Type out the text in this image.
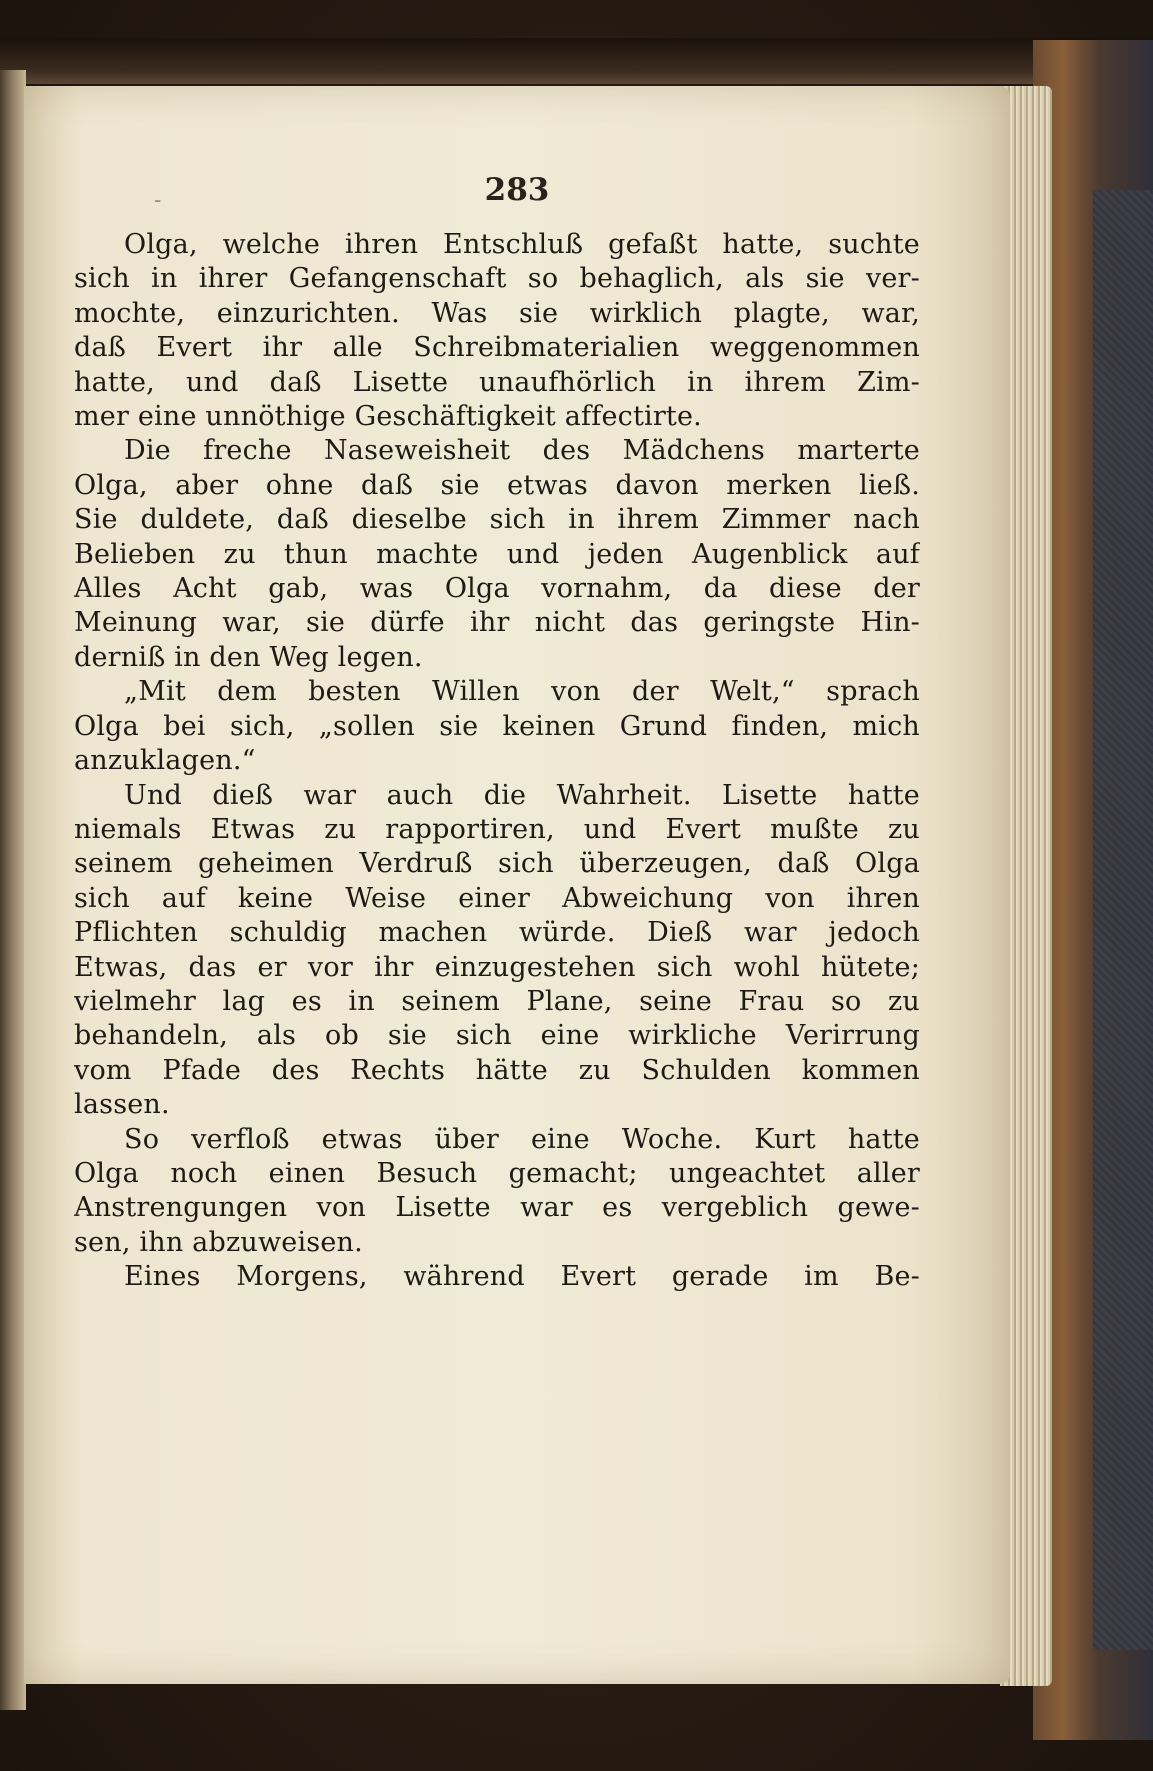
-	283
Olga, welche ihren Entschluß gefaßt hatte, suchte
sich in ihrer Gefangenschaft so behaglich, als sie ver-
mochte, einzurichten. Was sie wirklich plagte, war,
daß Evert ihr alle Schreibmaterialien weggenommen
hatte, und daß Lisette unaufhörlich in ihrem Zim-
mer eine unnöthige Geschäftigkeit affectirte.
Die freche Naseweisheit des Mädchens marterte
Olga, aber ohne daß sie etwas davon merken ließ.
Sie duldete, daß dieselbe sich in ihrem Zimmer nach
Belieben zu thun machte und jeden Augenblick auf
Alles Acht gab, was Olga vornahm, da diese der
Meinung war, sie dürfe ihr nicht das geringste Hin-
derniß in den Weg legen.
„Mit dem besten Willen von der Welt,“ sprach
Olga bei sich, „sollen sie keinen Grund finden, mich
anzuklagen.“
Und dieß war auch die Wahrheit. Lisette hatte
niemals Etwas zu rapportiren, und Evert mußte zu
seinem geheimen Verdruß sich überzeugen, daß Olga
sich auf keine Weise einer Abweichung von ihren
Pflichten schuldig machen würde. Dieß war jedoch
Etwas, das er vor ihr einzugestehen sich wohl hütete;
vielmehr lag es in seinem Plane, seine Frau so zu
behandeln, als ob sie sich eine wirkliche Verirrung
vom Pfade des Rechts hätte zu Schulden kommen
lassen.
So verfloß etwas über eine Woche. Kurt hatte
Olga noch einen Besuch gemacht; ungeachtet aller
Anstrengungen von Lisette war es vergeblich gewe-
sen, ihn abzuweisen.
Eines Morgens, während Evert gerade im Be-
